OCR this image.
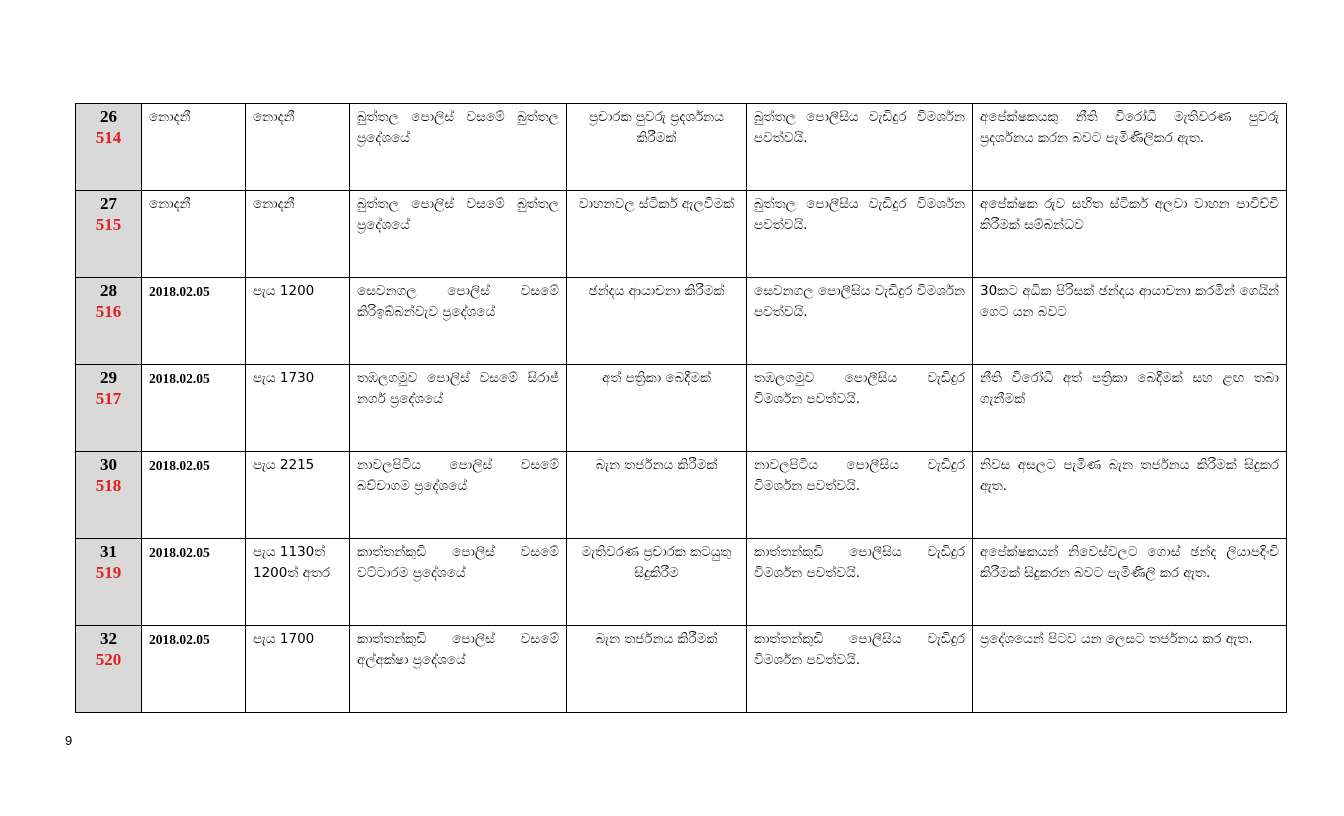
26
514	නොදනී	නොදනී	බුත්තල පොලිස් වසමේ බුත්තල ප්‍රදේශයේ	ප්‍රචාරක පුවරු ප්‍රදර්ශනය කිරීමක්	බුත්තල පොලීසිය වැඩිදුර විමර්ශන පවත්වයි.	අපේක්ෂකයකු නීති විරෝධී මැතිවරණ පුවරු ප්‍රදර්ශනය කරන බවට පැමිණිලිකර ඇත.

27
515	නොදනී	නොදනී	බුත්තල පොලිස් වසමේ බුත්තල ප්‍රදේශයේ	වාහනවල ස්ටිකර් ඇලවීමක්	බුත්තල පොලීසිය වැඩිදුර විමර්ශන පවත්වයි.	අපේක්ෂක රුව සහිත ස්ටිකර් අලවා වාහන පාවිච්චි කිරීමක් සම්බන්ධව

28
516	2018.02.05	පැය 1200	සෙවනගල පොලිස් වසමේ කිරිඉබ්බන්වැව ප්‍රදේශයේ	ඡන්දය ආයාචනා කිරීමක්	සෙවනගල පොලීසිය වැඩිදුර විමර්ශන පවත්වයි.	30කට අධික පිරිසක් ඡන්දය ආයාචනා කරමින් ගෙයින් ගෙට යන බවට

29
517	2018.02.05	පැය 1730	තඹලගමුව පොලිස් වසමේ සිරාජ් නගර් ප්‍රදේශයේ	අත් පත්‍රිකා බෙදීමක්	තඹලගමුව පොලීසිය වැඩිදුර විමර්ශන පවත්වයි.	නීති විරෝධී අත් පත්‍රිකා බෙදීමක් සහ ළඟ තබා ගැනීමක්

30
518	2018.02.05	පැය 2215	නාවලපිටිය පොලිස් වසමේ බච්චාගම ප්‍රදේශයේ	බැන තර්ජනය කිරීමක්	නාවලපිටිය පොලීසිය වැඩිදුර විමර්ශන පවත්වයි.	නිවස අසලට පැමිණ බැන තර්ජනය කිරීමක් සිදුකර ඇත.

31
519	2018.02.05	පැය 1130ත් 1200ත් අතර	කාත්තන්කුඩි පොලිස් වසමේ වට්ටාරම ප්‍රදේශයේ	මැතිවරණ ප්‍රචාරක කටයුතු සිදුකිරීම	කාත්තන්කුඩි පොලීසිය වැඩිදුර විමර්ශන පවත්වයි.	අපේක්ෂකයන් නිවෙස්වලට ගොස් ඡන්ද ලියාපදිංචි කිරීමක් සිදුකරන බවට පැමිණිලි කර ඇත.

32
520	2018.02.05	පැය 1700	කාත්තන්කුඩි පොලිස් වසමේ අල්අක්ෂා ප්‍රදේශයේ	බැන තර්ජනය කිරීමක්	කාත්තන්කුඩි පොලීසිය වැඩිදුර විමර්ශන පවත්වයි.	ප්‍රදේශයෙන් පිටව යන ලෙසට තර්ජනය කර ඇත.
9
